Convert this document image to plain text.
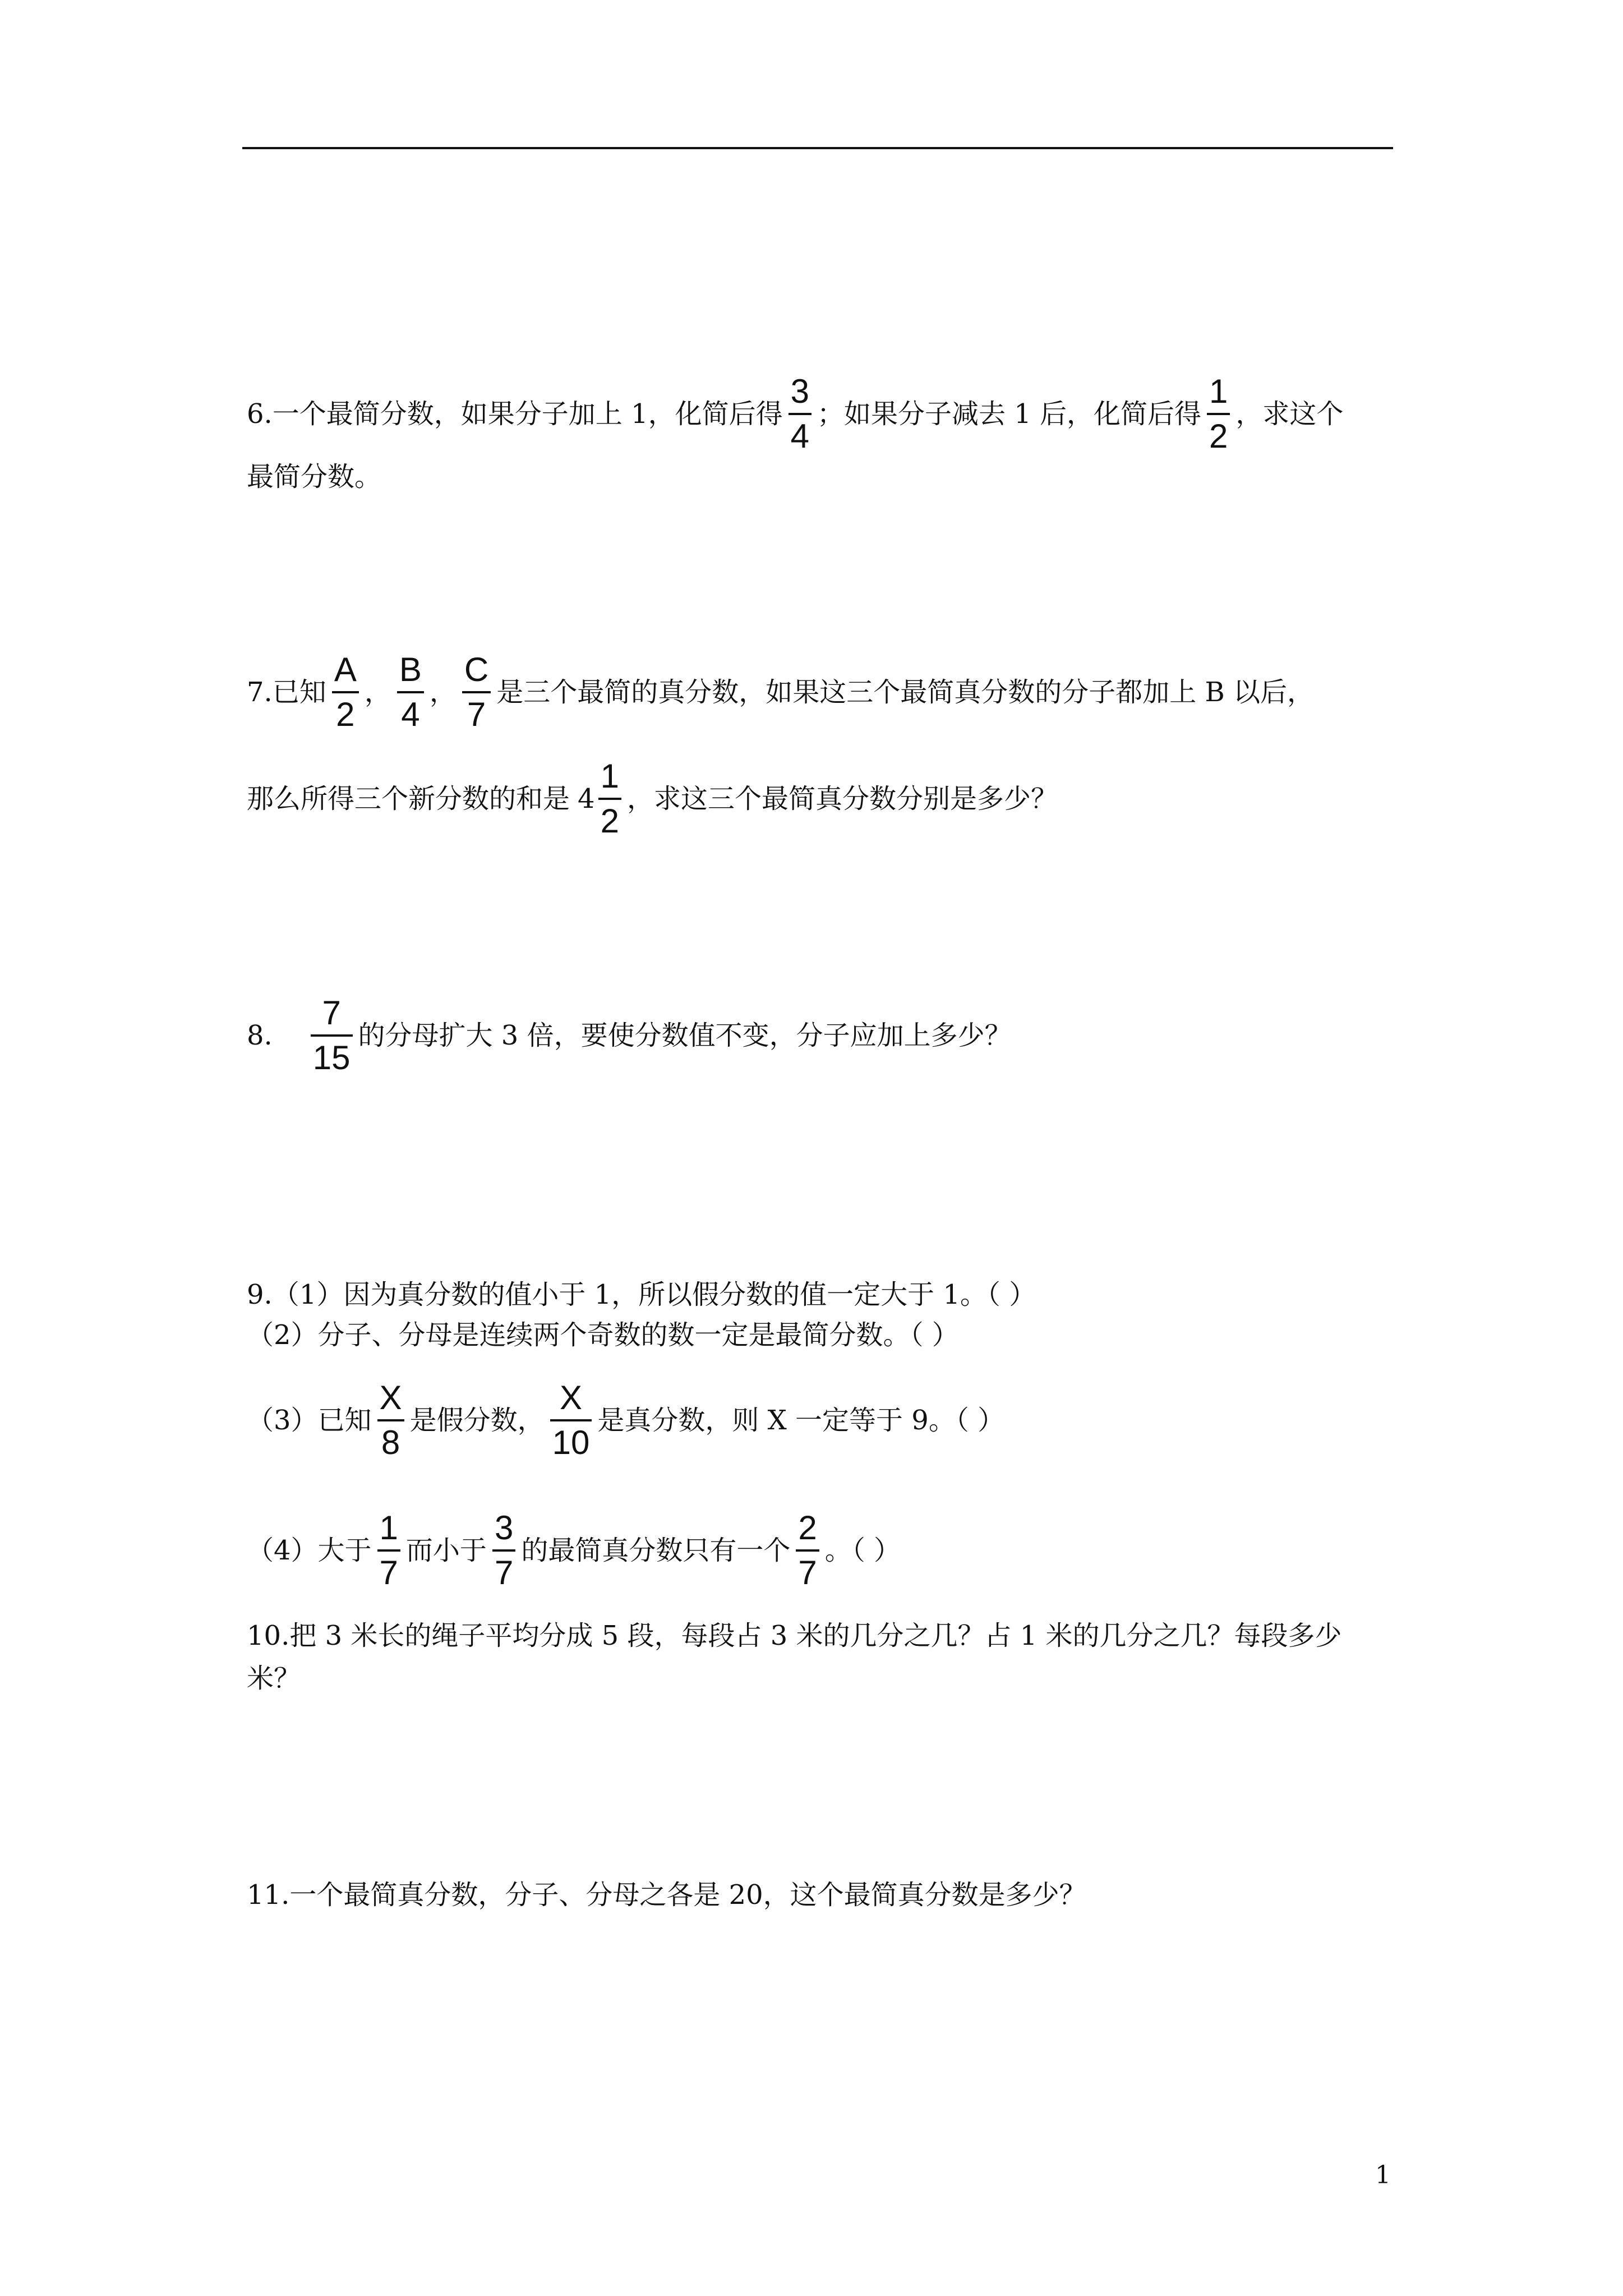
6.一个最简分数，如果分子加上 1，化简后得 $\frac{3}{4}$ ；如果分子减去 1 后，化简后得 $\frac{1}{2}$ ，求这个
最简分数。
7.已知 $\frac{A}{2}$ ， $\frac{B}{4}$ ， $\frac{C}{7}$ 是三个最简的真分数，如果这三个最简真分数的分子都加上 B 以后，
那么所得三个新分数的和是 $4 \frac{1}{2}$ ，求这三个最简真分数分别是多少？
8. $\frac{7}{15}$ 的分母扩大 3 倍，要使分数值不变，分子应加上多少？
9.（1）因为真分数的值小于 1，所以假分数的值一定大于 1。（ ）
（2）分子、分母是连续两个奇数的数一定是最简分数。（ ）
（3）已知 $\frac{X}{8}$ 是假分数， $\frac{X}{10}$ 是真分数，则 X 一定等于 9。（ ）
（4）大于 $\frac{1}{7}$ 而小于 $\frac{3}{7}$ 的最简真分数只有一个 $\frac{2}{7}$ 。（ ）
10.把 3 米长的绳子平均分成 5 段，每段占 3 米的几分之几？占 1 米的几分之几？每段多少
米？
11.一个最简真分数，分子、分母之各是 20，这个最简真分数是多少？
1
